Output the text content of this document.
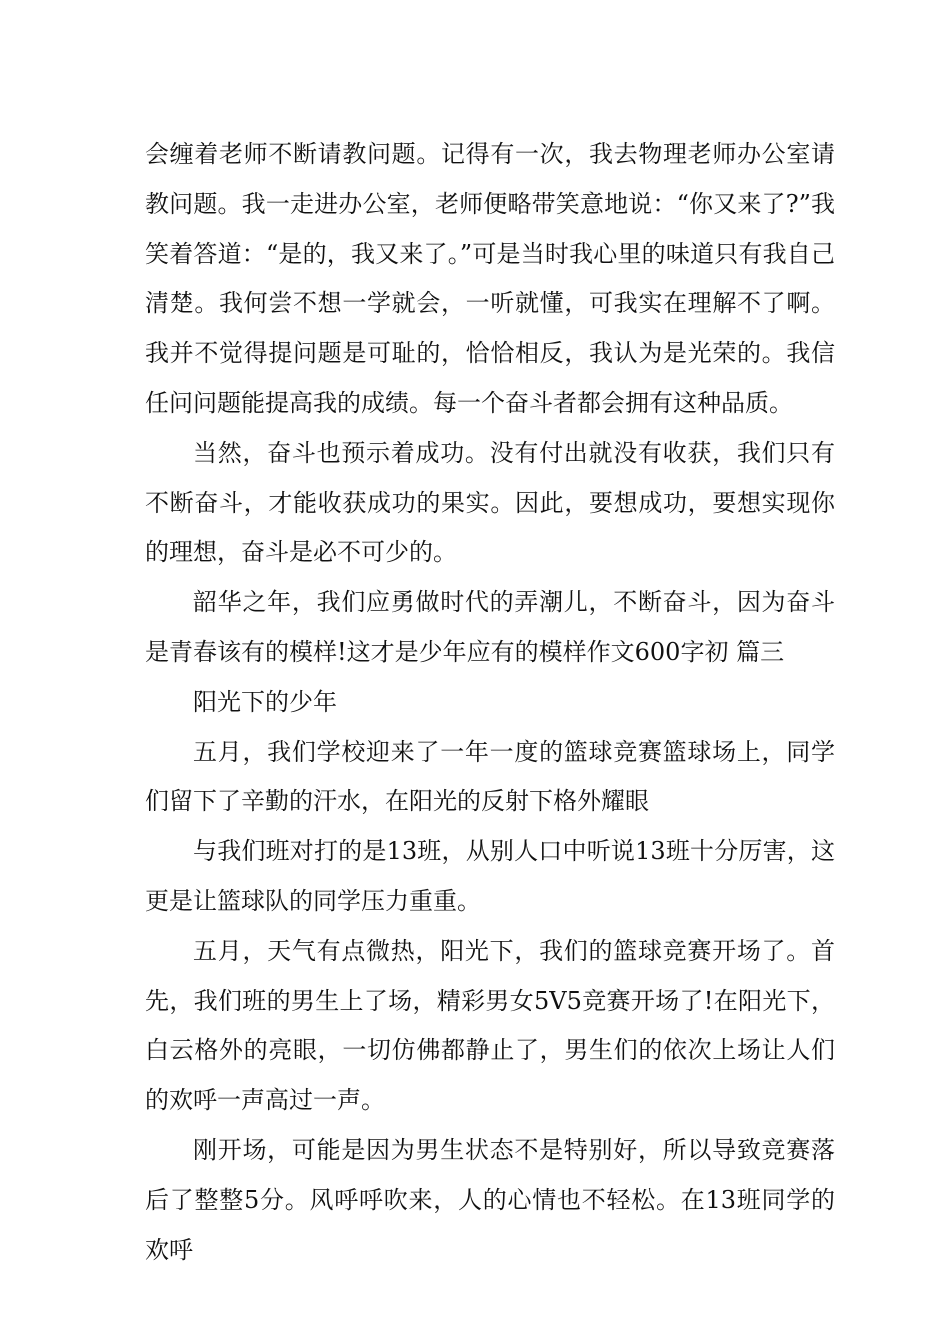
会缠着老师不断请教问题。记得有一次，我去物理老师办公室请教问题。我一走进办公室，老师便略带笑意地说：“你又来了?”我笑着答道：“是的，我又来了。”可是当时我心里的味道只有我自己清楚。我何尝不想一学就会，一听就懂，可我实在理解不了啊。我并不觉得提问题是可耻的，恰恰相反，我认为是光荣的。我信任问问题能提高我的成绩。每一个奋斗者都会拥有这种品质。

当然，奋斗也预示着成功。没有付出就没有收获，我们只有不断奋斗，才能收获成功的果实。因此，要想成功，要想实现你的理想，奋斗是必不可少的。

韶华之年，我们应勇做时代的弄潮儿，不断奋斗，因为奋斗是青春该有的模样!这才是少年应有的模样作文600字初 篇三

阳光下的少年

五月，我们学校迎来了一年一度的篮球竞赛篮球场上，同学们留下了辛勤的汗水，在阳光的反射下格外耀眼

与我们班对打的是13班，从别人口中听说13班十分厉害，这更是让篮球队的同学压力重重。

五月，天气有点微热，阳光下，我们的篮球竞赛开场了。首先，我们班的男生上了场，精彩男女5V5竞赛开场了!在阳光下，白云格外的亮眼，一切仿佛都静止了，男生们的依次上场让人们的欢呼一声高过一声。

刚开场，可能是因为男生状态不是特别好，所以导致竞赛落后了整整5分。风呼呼吹来，人的心情也不轻松。在13班同学的欢呼
